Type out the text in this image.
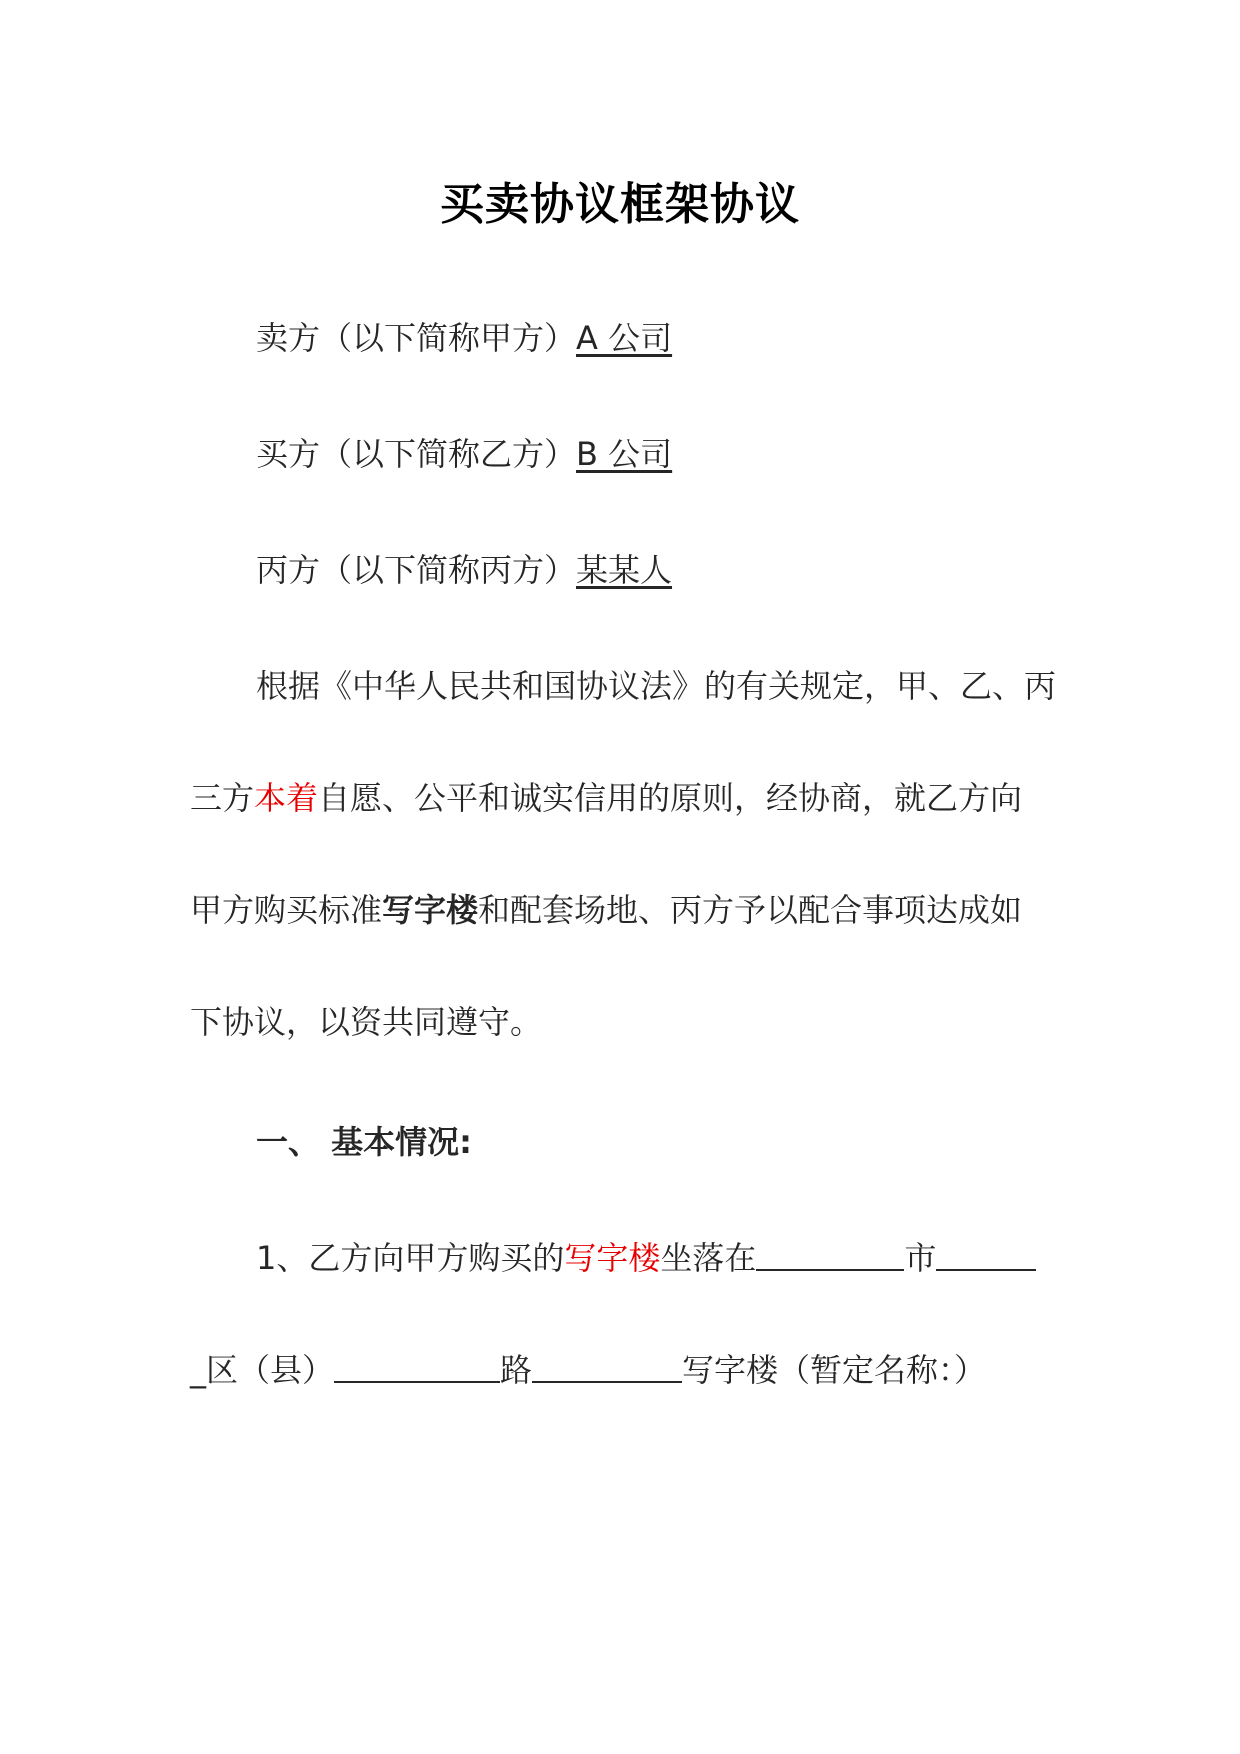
买卖协议框架协议
卖方（以下简称甲方）A 公司
买方（以下简称乙方）B 公司
丙方（以下简称丙方）某某人
根据《中华人民共和国协议法》的有关规定，甲、乙、丙
三方本着自愿、公平和诚实信用的原则，经协商，就乙方向
甲方购买标准写字楼和配套场地、丙方予以配合事项达成如
下协议，以资共同遵守。
一、 基本情况:
1、乙方向甲方购买的写字楼坐落在	市
_区（县）	路	写字楼（暂定名称：）
